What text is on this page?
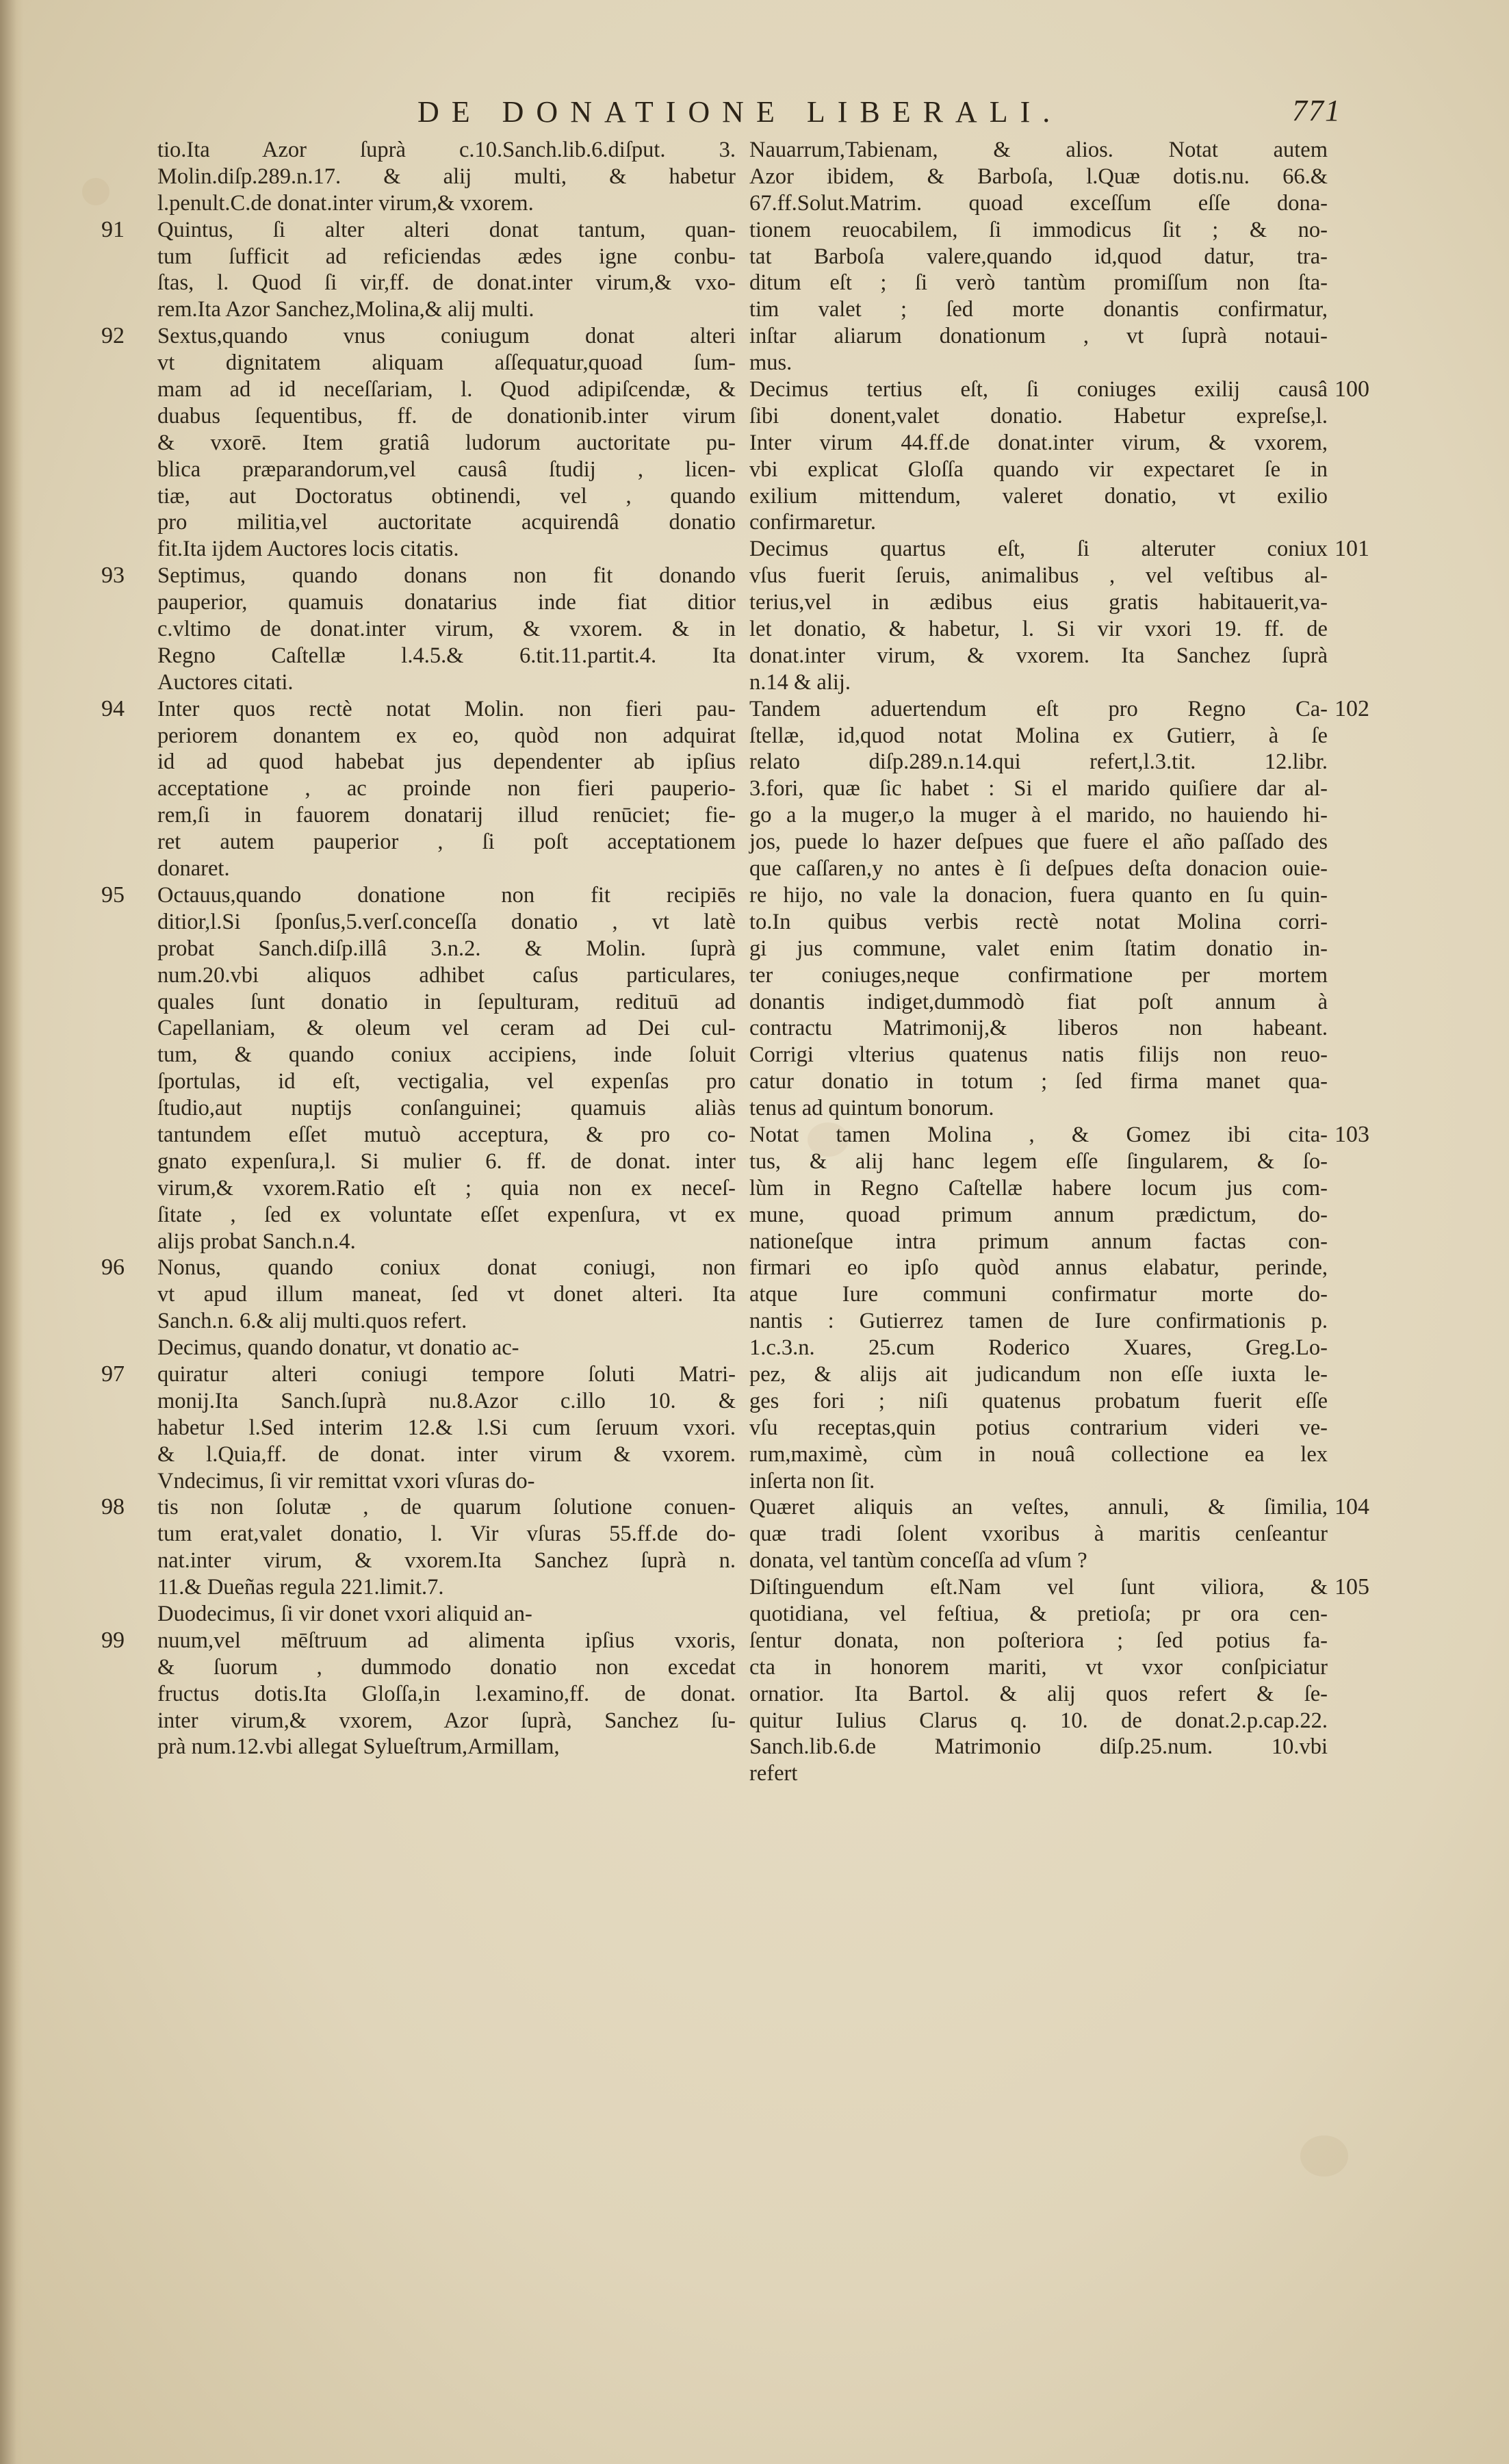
DE DONATIONE LIBERALI.	771
tio.Ita Azor ſuprà c.10.Sanch.lib.6.diſput. 3.
Molin.diſp.289.n.17. & alij multi, & habetur
l.penult.C.de donat.inter virum,& vxorem.
Quintus, ſi alter alteri donat tantum, quan-
91
tum ſufficit ad reficiendas ædes igne conbu-
ſtas, l. Quod ſi vir,ff. de donat.inter virum,& vxo-
rem.Ita Azor Sanchez,Molina,& alij multi.
Sextus,quando vnus coniugum donat alteri
92
vt dignitatem aliquam aſſequatur,quoad ſum-
mam ad id neceſſariam, l. Quod adipiſcendæ, &
duabus ſequentibus, ff. de donationib.inter virum
& vxorē. Item gratiâ ludorum auctoritate pu-
blica præparandorum,vel causâ ſtudij , licen-
tiæ, aut Doctoratus obtinendi, vel , quando
pro militia,vel auctoritate acquirendâ donatio
fit.Ita ijdem Auctores locis citatis.
Septimus, quando donans non fit donando
93
pauperior, quamuis donatarius inde fiat ditior
c.vltimo de donat.inter virum, & vxorem. & in
Regno Caſtellæ l.4.5.& 6.tit.11.partit.4. Ita
Auctores citati.
Inter quos rectè notat Molin. non fieri pau-
94
periorem donantem ex eo, quòd non adquirat
id ad quod habebat jus dependenter ab ipſius
acceptatione , ac proinde non fieri pauperio-
rem,ſi in fauorem donatarij illud renūciet; fie-
ret autem pauperior , ſi poſt acceptationem
donaret.
Octauus,quando donatione non fit recipiēs
95
ditior,l.Si ſponſus,5.verſ.conceſſa donatio , vt latè
probat Sanch.diſp.illâ 3.n.2. & Molin. ſuprà
num.20.vbi aliquos adhibet caſus particulares,
quales ſunt donatio in ſepulturam, redituū ad
Capellaniam, & oleum vel ceram ad Dei cul-
tum, & quando coniux accipiens, inde ſoluit
ſportulas, id eſt, vectigalia, vel expenſas pro
ſtudio,aut nuptijs conſanguinei; quamuis aliàs
tantundem eſſet mutuò acceptura, & pro co-
gnato expenſura,l. Si mulier 6. ff. de donat. inter
virum,& vxorem.Ratio eſt ; quia non ex neceſ-
ſitate , ſed ex voluntate eſſet expenſura, vt ex
alijs probat Sanch.n.4.
Nonus, quando coniux donat coniugi, non
96
vt apud illum maneat, ſed vt donet alteri. Ita
Sanch.n. 6.& alij multi.quos refert.
Decimus, quando donatur, vt donatio ac-
quiratur alteri coniugi tempore ſoluti Matri-
97
monij.Ita Sanch.ſuprà nu.8.Azor c.illo 10. &
habetur l.Sed interim 12.& l.Si cum ſeruum vxori.
& l.Quia,ff. de donat. inter virum & vxorem.
Vndecimus, ſi vir remittat vxori vſuras do-
tis non ſolutæ , de quarum ſolutione conuen-
98
tum erat,valet donatio, l. Vir vſuras 55.ff.de do-
nat.inter virum, & vxorem.Ita Sanchez ſuprà n.
11.& Dueñas regula 221.limit.7.
Duodecimus, ſi vir donet vxori aliquid an-
nuum,vel mēſtruum ad alimenta ipſius vxoris,
99
& ſuorum , dummodo donatio non excedat
fructus dotis.Ita Gloſſa,in l.examino,ff. de donat.
inter virum,& vxorem, Azor ſuprà, Sanchez ſu-
prà num.12.vbi allegat Sylueſtrum,Armillam,
Nauarrum,Tabienam, & alios. Notat autem
Azor ibidem, & Barboſa, l.Quæ dotis.nu. 66.&
67.ff.Solut.Matrim. quoad exceſſum eſſe dona-
tionem reuocabilem, ſi immodicus ſit ; & no-
tat Barboſa valere,quando id,quod datur, tra-
ditum eſt ; ſi verò tantùm promiſſum non ſta-
tim valet ; ſed morte donantis confirmatur,
inſtar aliarum donationum , vt ſuprà notaui-
mus.
Decimus tertius eſt, ſi coniuges exilij causâ 100
ſibi donent,valet donatio. Habetur expreſse,l.
Inter virum 44.ff.de donat.inter virum, & vxorem,
vbi explicat Gloſſa quando vir expectaret ſe in
exilium mittendum, valeret donatio, vt exilio
confirmaretur.
Decimus quartus eſt, ſi alteruter coniux 101
vſus fuerit ſeruis, animalibus , vel veſtibus al-
terius,vel in ædibus eius gratis habitauerit,va-
let donatio, & habetur, l. Si vir vxori 19. ff. de
donat.inter virum, & vxorem. Ita Sanchez ſuprà
n.14 & alij.
Tandem aduertendum eſt pro Regno Ca- 102
ſtellæ, id,quod notat Molina ex Gutierr, à ſe
relato diſp.289.n.14.qui refert,l.3.tit. 12.libr.
3.fori, quæ ſic habet : Si el marido quiſiere dar al-
go a la muger,o la muger à el marido, no hauiendo hi-
jos, puede lo hazer deſpues que fuere el año paſſado des
que caſſaren,y no antes è ſi deſpues deſta donacion ouie-
re hijo, no vale la donacion, fuera quanto en ſu quin-
to.In quibus verbis rectè notat Molina corri-
gi jus commune, valet enim ſtatim donatio in-
ter coniuges,neque confirmatione per mortem
donantis indiget,dummodò fiat poſt annum à
contractu Matrimonij,& liberos non habeant.
Corrigi vlterius quatenus natis filijs non reuo-
catur donatio in totum ; ſed firma manet qua-
tenus ad quintum bonorum.
Notat tamen Molina , & Gomez ibi cita- 103
tus, & alij hanc legem eſſe ſingularem, & ſo-
lùm in Regno Caſtellæ habere locum jus com-
mune, quoad primum annum prædictum, do-
nationeſque intra primum annum factas con-
firmari eo ipſo quòd annus elabatur, perinde,
atque Iure communi confirmatur morte do-
nantis : Gutierrez tamen de Iure confirmationis p.
1.c.3.n. 25.cum Roderico Xuares, Greg.Lo-
pez, & alijs ait judicandum non eſſe iuxta le-
ges fori ; niſi quatenus probatum fuerit eſſe
vſu receptas,quin potius contrarium videri ve-
rum,maximè, cùm in nouâ collectione ea lex
inſerta non ſit.
Quæret aliquis an veſtes, annuli, & ſimilia, 104
quæ tradi ſolent vxoribus à maritis cenſeantur
donata, vel tantùm conceſſa ad vſum ?
Diſtinguendum eſt.Nam vel ſunt viliora, & 105
quotidiana, vel feſtiua, & pretioſa; pr ora cen-
ſentur donata, non poſteriora ; ſed potius fa-
cta in honorem mariti, vt vxor conſpiciatur
ornatior. Ita Bartol. & alij quos refert & ſe-
quitur Iulius Clarus q. 10. de donat.2.p.cap.22.
Sanch.lib.6.de Matrimonio diſp.25.num. 10.vbi
refert
